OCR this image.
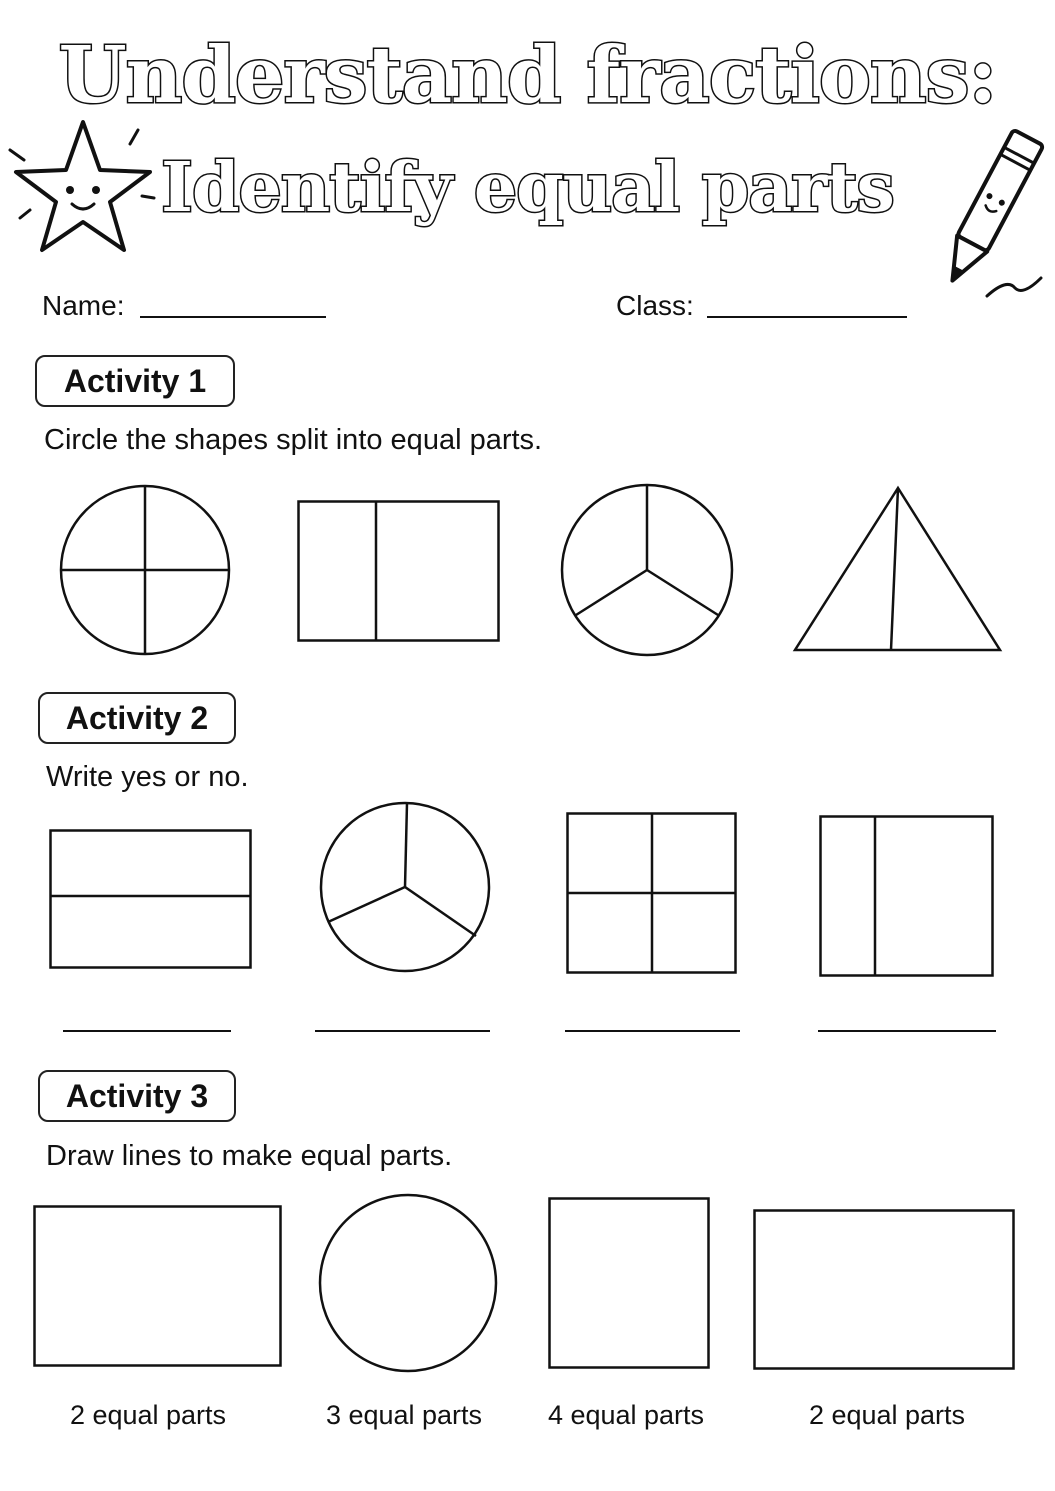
Understand fractions:
Identify equal parts
Name:	Class:
Activity 1
Circle the shapes split into equal parts.
Activity 2
Write yes or no.
Activity 3
Draw lines to make equal parts.
2 equal parts	3 equal parts	4 equal parts	2 equal parts
